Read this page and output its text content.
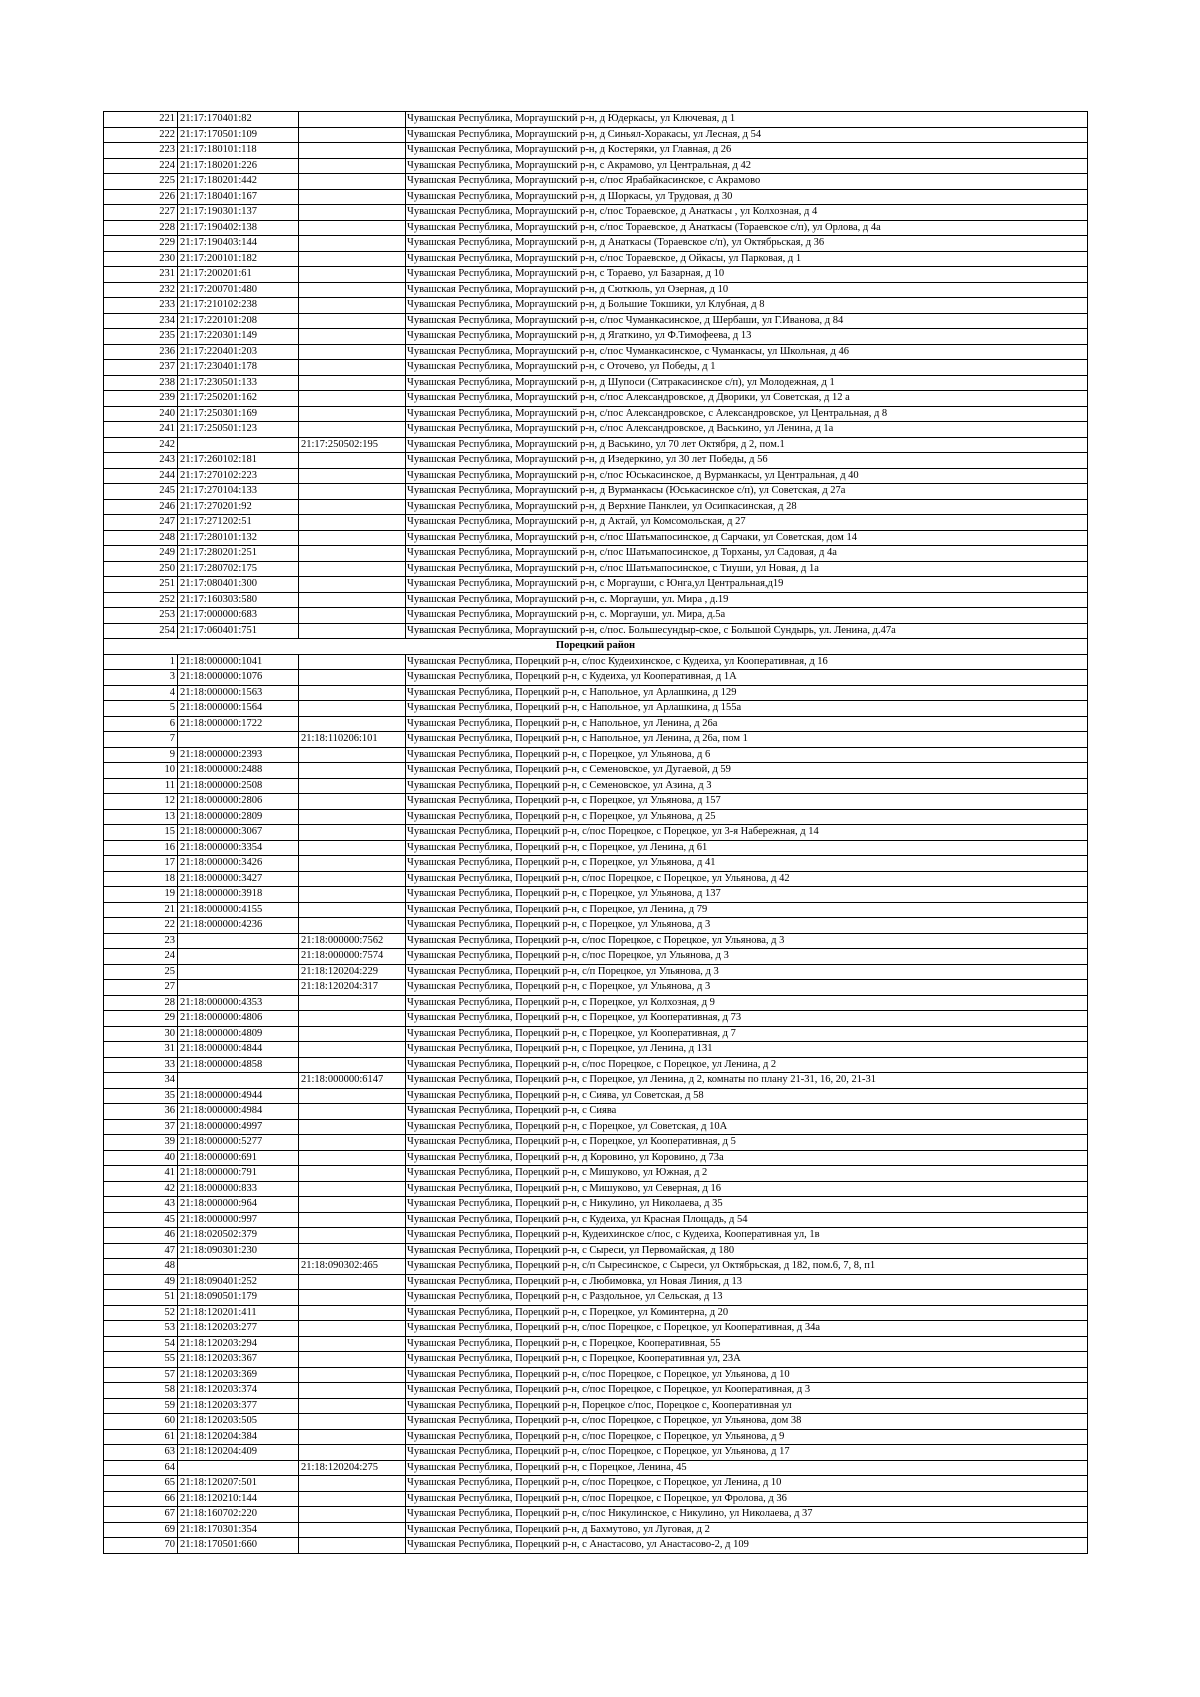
221	21:17:170401:82		Чувашская Республика, Моргаушский р-н, д Юдеркасы, ул Ключевая, д 1
222	21:17:170501:109		Чувашская Республика, Моргаушский р-н, д Синьял-Хоракасы, ул Лесная, д 54
223	21:17:180101:118		Чувашская Республика, Моргаушский р-н, д Костеряки, ул Главная, д 26
224	21:17:180201:226		Чувашская Республика, Моргаушский р-н, с Акрамово, ул Центральная, д 42
225	21:17:180201:442		Чувашская Республика, Моргаушский р-н, с/пос Ярабайкасинское, с Акрамово
226	21:17:180401:167		Чувашская Республика, Моргаушский р-н, д Шоркасы, ул Трудовая, д 30
227	21:17:190301:137		Чувашская Республика, Моргаушский р-н, с/пос Тораевское, д Анаткасы , ул Колхозная, д 4
228	21:17:190402:138		Чувашская Республика, Моргаушский р-н, с/пос Тораевское, д Анаткасы (Тораевское с/п), ул Орлова, д 4а
229	21:17:190403:144		Чувашская Республика, Моргаушский р-н, д Анаткасы (Тораевское с/п), ул Октябрьская, д 36
230	21:17:200101:182		Чувашская Республика, Моргаушский р-н, с/пос Тораевское, д Ойкасы, ул Парковая, д 1
231	21:17:200201:61		Чувашская Республика, Моргаушский р-н, с Тораево, ул Базарная, д 10
232	21:17:200701:480		Чувашская Республика, Моргаушский р-н, д Сюткюль, ул Озерная, д 10
233	21:17:210102:238		Чувашская Республика, Моргаушский р-н, д Большие Токшики, ул Клубная, д 8
234	21:17:220101:208		Чувашская Республика, Моргаушский р-н, с/пос Чуманкасинское, д Шербаши, ул Г.Иванова, д 84
235	21:17:220301:149		Чувашская Республика, Моргаушский р-н, д Ягаткино, ул Ф.Тимофеева, д 13
236	21:17:220401:203		Чувашская Республика, Моргаушский р-н, с/пос Чуманкасинское, с Чуманкасы, ул Школьная, д 46
237	21:17:230401:178		Чувашская Республика, Моргаушский р-н, с Оточево, ул Победы, д 1
238	21:17:230501:133		Чувашская Республика, Моргаушский р-н, д Шупоси (Сятракасинское с/п), ул Молодежная, д 1
239	21:17:250201:162		Чувашская Республика, Моргаушский р-н, с/пос Александровское, д Дворики, ул Советская, д 12 а
240	21:17:250301:169		Чувашская Республика, Моргаушский р-н, с/пос Александровское, с Александровское, ул Центральная, д 8
241	21:17:250501:123		Чувашская Республика, Моргаушский р-н, с/пос Александровское, д Васькино, ул Ленина, д 1а
242		21:17:250502:195	Чувашская Республика, Моргаушский р-н, д Васькино, ул 70 лет Октября, д 2, пом.1
243	21:17:260102:181		Чувашская Республика, Моргаушский р-н, д Изедеркино, ул 30 лет Победы, д 56
244	21:17:270102:223		Чувашская Республика, Моргаушский р-н, с/пос Юськасинское, д Вурманкасы, ул Центральная, д 40
245	21:17:270104:133		Чувашская Республика, Моргаушский р-н, д Вурманкасы (Юськасинское с/п), ул Советская, д 27а
246	21:17:270201:92		Чувашская Республика, Моргаушский р-н, д Верхние Панклеи, ул Осипкасинская, д 28
247	21:17:271202:51		Чувашская Республика, Моргаушский р-н, д Актай, ул Комсомольская, д 27
248	21:17:280101:132		Чувашская Республика, Моргаушский р-н, с/пос Шатьмапосинское, д Сарчаки, ул Советская, дом 14
249	21:17:280201:251		Чувашская Республика, Моргаушский р-н, с/пос Шатьмапосинское, д Торханы, ул Садовая, д 4а
250	21:17:280702:175		Чувашская Республика, Моргаушский р-н, с/пос Шатьмапосинское, с Тиуши, ул Новая, д 1а
251	21:17:080401:300		Чувашская Республика, Моргаушский р-н, с Моргауши, с Юнга,ул Центральная,д19
252	21:17:160303:580		Чувашская Республика, Моргаушский р-н, с. Моргауши, ул. Мира , д.19
253	21:17:000000:683		Чувашская Республика, Моргаушский р-н, с. Моргауши, ул. Мира, д.5а
254	21:17:060401:751		Чувашская Республика, Моргаушский р-н, с/пос. Большесундыр-ское, с Большой Сундырь, ул. Ленина, д.47а
Порецкий район			
1	21:18:000000:1041		Чувашская Республика, Порецкий р-н, с/пос Кудеихинское, с Кудеиха, ул Кооперативная, д 16
3	21:18:000000:1076		Чувашская Республика, Порецкий р-н, с Кудеиха, ул Кооперативная, д 1А
4	21:18:000000:1563		Чувашская Республика, Порецкий р-н, с Напольное, ул Арлашкина, д 129
5	21:18:000000:1564		Чувашская Республика, Порецкий р-н, с Напольное, ул Арлашкина, д 155а
6	21:18:000000:1722		Чувашская Республика, Порецкий р-н, с Напольное, ул Ленина, д 26а
7		21:18:110206:101	Чувашская Республика, Порецкий р-н, с Напольное, ул Ленина, д 26а, пом 1
9	21:18:000000:2393		Чувашская Республика, Порецкий р-н, с Порецкое, ул Ульянова, д 6
10	21:18:000000:2488		Чувашская Республика, Порецкий р-н, с Семеновское, ул Дугаевой, д 59
11	21:18:000000:2508		Чувашская Республика, Порецкий р-н, с Семеновское, ул Азина, д 3
12	21:18:000000:2806		Чувашская Республика, Порецкий р-н, с Порецкое, ул Ульянова, д 157
13	21:18:000000:2809		Чувашская Республика, Порецкий р-н, с Порецкое, ул Ульянова, д 25
15	21:18:000000:3067		Чувашская Республика, Порецкий р-н, с/пос Порецкое, с Порецкое, ул 3-я Набережная, д 14
16	21:18:000000:3354		Чувашская Республика, Порецкий р-н, с Порецкое, ул Ленина, д 61
17	21:18:000000:3426		Чувашская Республика, Порецкий р-н, с Порецкое, ул Ульянова, д 41
18	21:18:000000:3427		Чувашская Республика, Порецкий р-н, с/пос Порецкое, с Порецкое, ул Ульянова, д 42
19	21:18:000000:3918		Чувашская Республика, Порецкий р-н, с Порецкое, ул Ульянова, д 137
21	21:18:000000:4155		Чувашская Республика, Порецкий р-н, с Порецкое, ул Ленина, д 79
22	21:18:000000:4236		Чувашская Республика, Порецкий р-н, с Порецкое, ул Ульянова, д 3
23		21:18:000000:7562	Чувашская Республика, Порецкий р-н, с/пос Порецкое, с Порецкое, ул Ульянова, д 3
24		21:18:000000:7574	Чувашская Республика, Порецкий р-н, с/пос Порецкое, ул Ульянова, д 3
25		21:18:120204:229	Чувашская Республика, Порецкий р-н, с/п Порецкое, ул Ульянова, д 3
27		21:18:120204:317	Чувашская Республика, Порецкий р-н, с Порецкое, ул Ульянова, д 3
28	21:18:000000:4353		Чувашская Республика, Порецкий р-н, с Порецкое, ул Колхозная, д 9
29	21:18:000000:4806		Чувашская Республика, Порецкий р-н, с Порецкое, ул Кооперативная, д 73
30	21:18:000000:4809		Чувашская Республика, Порецкий р-н, с Порецкое, ул Кооперативная, д 7
31	21:18:000000:4844		Чувашская Республика, Порецкий р-н, с Порецкое, ул Ленина, д 131
33	21:18:000000:4858		Чувашская Республика, Порецкий р-н, с/пос Порецкое, с Порецкое, ул Ленина, д 2
34		21:18:000000:6147	Чувашская Республика, Порецкий р-н, с Порецкое, ул Ленина, д 2, комнаты по плану 21-31, 16, 20, 21-31
35	21:18:000000:4944		Чувашская Республика, Порецкий р-н, с Сиява, ул Советская, д 58
36	21:18:000000:4984		Чувашская Республика, Порецкий р-н, с Сиява
37	21:18:000000:4997		Чувашская Республика, Порецкий р-н, с Порецкое, ул Советская, д 10А
39	21:18:000000:5277		Чувашская Республика, Порецкий р-н, с Порецкое, ул Кооперативная, д 5
40	21:18:000000:691		Чувашская Республика, Порецкий р-н, д Коровино, ул Коровино, д 73а
41	21:18:000000:791		Чувашская Республика, Порецкий р-н, с Мишуково, ул Южная, д 2
42	21:18:000000:833		Чувашская Республика, Порецкий р-н, с Мишуково, ул Северная, д 16
43	21:18:000000:964		Чувашская Республика, Порецкий р-н, с Никулино, ул Николаева, д 35
45	21:18:000000:997		Чувашская Республика, Порецкий р-н, с Кудеиха, ул Красная Площадь, д 54
46	21:18:020502:379		Чувашская Республика, Порецкий р-н, Кудеихинское с/пос, с Кудеиха, Кооперативная ул, 1в
47	21:18:090301:230		Чувашская Республика, Порецкий р-н, с Сыреси, ул Первомайская, д 180
48		21:18:090302:465	Чувашская Республика, Порецкий р-н, с/п Сыресинское, с Сыреси, ул Октябрьская, д 182, пом.6, 7, 8, п1
49	21:18:090401:252		Чувашская Республика, Порецкий р-н, с Любимовка, ул Новая Линия, д 13
51	21:18:090501:179		Чувашская Республика, Порецкий р-н, с Раздольное, ул Сельская, д 13
52	21:18:120201:411		Чувашская Республика, Порецкий р-н, с Порецкое, ул Коминтерна, д 20
53	21:18:120203:277		Чувашская Республика, Порецкий р-н, с/пос Порецкое, с Порецкое, ул Кооперативная, д 34а
54	21:18:120203:294		Чувашская Республика, Порецкий р-н, с Порецкое, Кооперативная, 55
55	21:18:120203:367		Чувашская Республика, Порецкий р-н, с Порецкое, Кооперативная ул, 23А
57	21:18:120203:369		Чувашская Республика, Порецкий р-н, с/пос Порецкое, с Порецкое, ул Ульянова, д 10
58	21:18:120203:374		Чувашская Республика, Порецкий р-н, с/пос Порецкое, с Порецкое, ул Кооперативная, д 3
59	21:18:120203:377		Чувашская Республика, Порецкий р-н, Порецкое с/пос, Порецкое с, Кооперативная ул
60	21:18:120203:505		Чувашская Республика, Порецкий р-н, с/пос Порецкое, с Порецкое, ул Ульянова, дом 38
61	21:18:120204:384		Чувашская Республика, Порецкий р-н, с/пос Порецкое, с Порецкое, ул Ульянова, д 9
63	21:18:120204:409		Чувашская Республика, Порецкий р-н, с/пос Порецкое, с Порецкое, ул Ульянова, д 17
64		21:18:120204:275	Чувашская Республика, Порецкий р-н, с Порецкое, Ленина, 45
65	21:18:120207:501		Чувашская Республика, Порецкий р-н, с/пос Порецкое, с Порецкое, ул Ленина, д 10
66	21:18:120210:144		Чувашская Республика, Порецкий р-н, с/пос Порецкое, с Порецкое, ул Фролова, д 36
67	21:18:160702:220		Чувашская Республика, Порецкий р-н, с/пос Никулинское, с Никулино, ул Николаева, д 37
69	21:18:170301:354		Чувашская Республика, Порецкий р-н, д Бахмутово, ул Луговая, д 2
70	21:18:170501:660		Чувашская Республика, Порецкий р-н, с Анастасово, ул Анастасово-2, д 109
